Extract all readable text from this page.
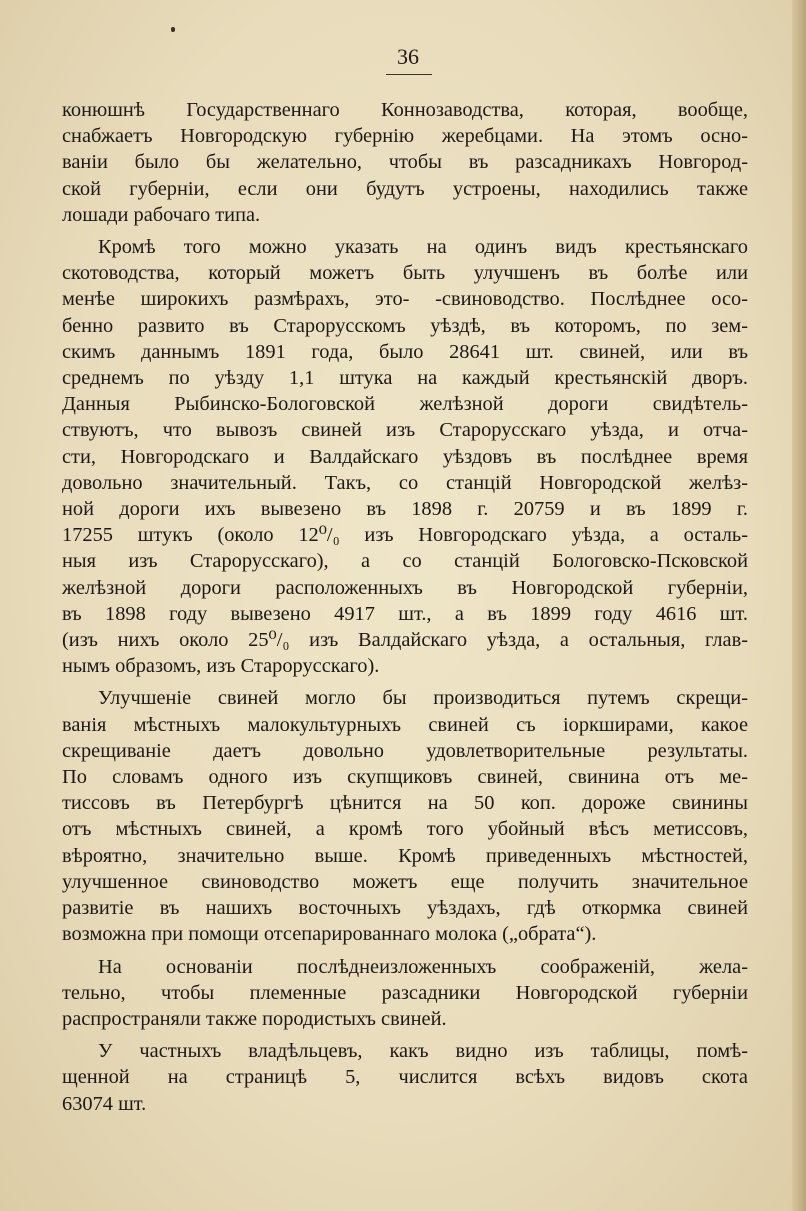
36

конюшнѣ Государственнаго Коннозаводства, которая, вообще,
снабжаетъ Новгородскую губернію жеребцами. На этомъ осно-
ваніи было бы желательно, чтобы въ разсадникахъ Новгород-
ской губерніи, если они будутъ устроены, находились также
лошади рабочаго типа.

Кромѣ того можно указать на одинъ видъ крестьянскаго
скотоводства, который можетъ быть улучшенъ въ болѣе или
менѣе широкихъ размѣрахъ, это- -свиноводство. Послѣднее осо-
бенно развито въ Старорусскомъ уѣздѣ, въ которомъ, по зем-
скимъ даннымъ 1891 года, было 28641 шт. свиней, или въ
среднемъ по уѣзду 1,1 штука на каждый крестьянскій дворъ.
Данныя Рыбинско-Бологовской желѣзной дороги свидѣтель-
ствуютъ, что вывозъ свиней изъ Старорусскаго уѣзда, и отча-
сти, Новгородскаго и Валдайскаго уѣздовъ въ послѣднее время
довольно значительный. Такъ, со станцій Новгородской желѣз-
ной дороги ихъ вывезено въ 1898 г. 20759 и въ 1899 г.
17255 штукъ (около 12⁰/₀ изъ Новгородскаго уѣзда, а осталь-
ныя изъ Старорусскаго), а со станцій Бологовско-Псковской
желѣзной дороги расположенныхъ въ Новгородской губерніи,
въ 1898 году вывезено 4917 шт., а въ 1899 году 4616 шт.
(изъ нихъ около 25⁰/₀ изъ Валдайскаго уѣзда, а остальныя, глав-
нымъ образомъ, изъ Старорусскаго).

Улучшеніе свиней могло бы производиться путемъ скрещи-
ванія мѣстныхъ малокультурныхъ свиней съ іоркширами, какое
скрещиваніе даетъ довольно удовлетворительные результаты.
По словамъ одного изъ скупщиковъ свиней, свинина отъ ме-
тиссовъ въ Петербургѣ цѣнится на 50 коп. дороже свинины
отъ мѣстныхъ свиней, а кромѣ того убойный вѣсъ метиссовъ,
вѣроятно, значительно выше. Кромѣ приведенныхъ мѣстностей,
улучшенное свиноводство можетъ еще получить значительное
развитіе въ нашихъ восточныхъ уѣздахъ, гдѣ откормка свиней
возможна при помощи отсепарированнаго молока („обрата“).

На основаніи послѣднеизложенныхъ соображеній, жела-
тельно, чтобы племенные разсадники Новгородской губерніи
распространяли также породистыхъ свиней.

У частныхъ владѣльцевъ, какъ видно изъ таблицы, помѣ-
щенной на страницѣ 5, числится всѣхъ видовъ скота
63074 шт.
